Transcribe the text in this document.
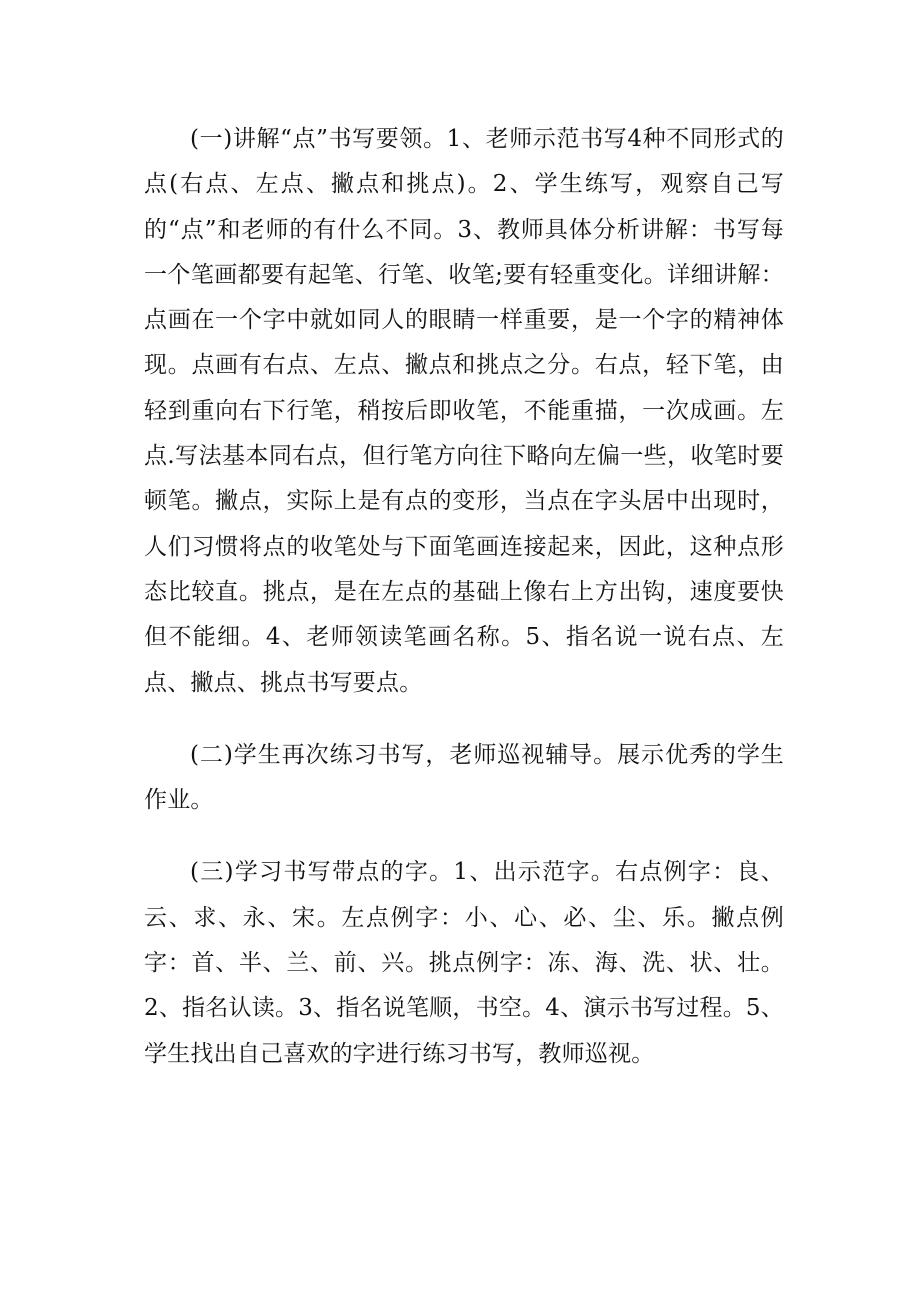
(一)讲解“点”书写要领。1、老师示范书写4种不同形式的点(右点、左点、撇点和挑点)。2、学生练写，观察自己写的“点”和老师的有什么不同。3、教师具体分析讲解：书写每一个笔画都要有起笔、行笔、收笔;要有轻重变化。详细讲解：点画在一个字中就如同人的眼睛一样重要，是一个字的精神体现。点画有右点、左点、撇点和挑点之分。右点，轻下笔，由轻到重向右下行笔，稍按后即收笔，不能重描，一次成画。左点.写法基本同右点，但行笔方向往下略向左偏一些，收笔时要顿笔。撇点，实际上是有点的变形，当点在字头居中出现时，人们习惯将点的收笔处与下面笔画连接起来，因此，这种点形态比较直。挑点，是在左点的基础上像右上方出钩，速度要快但不能细。4、老师领读笔画名称。5、指名说一说右点、左点、撇点、挑点书写要点。

(二)学生再次练习书写，老师巡视辅导。展示优秀的学生作业。

(三)学习书写带点的字。1、出示范字。右点例字：良、云、求、永、宋。左点例字：小、心、必、尘、乐。撇点例字：首、半、兰、前、兴。挑点例字：冻、海、洗、状、壮。2、指名认读。3、指名说笔顺，书空。4、演示书写过程。5、学生找出自己喜欢的字进行练习书写，教师巡视。
